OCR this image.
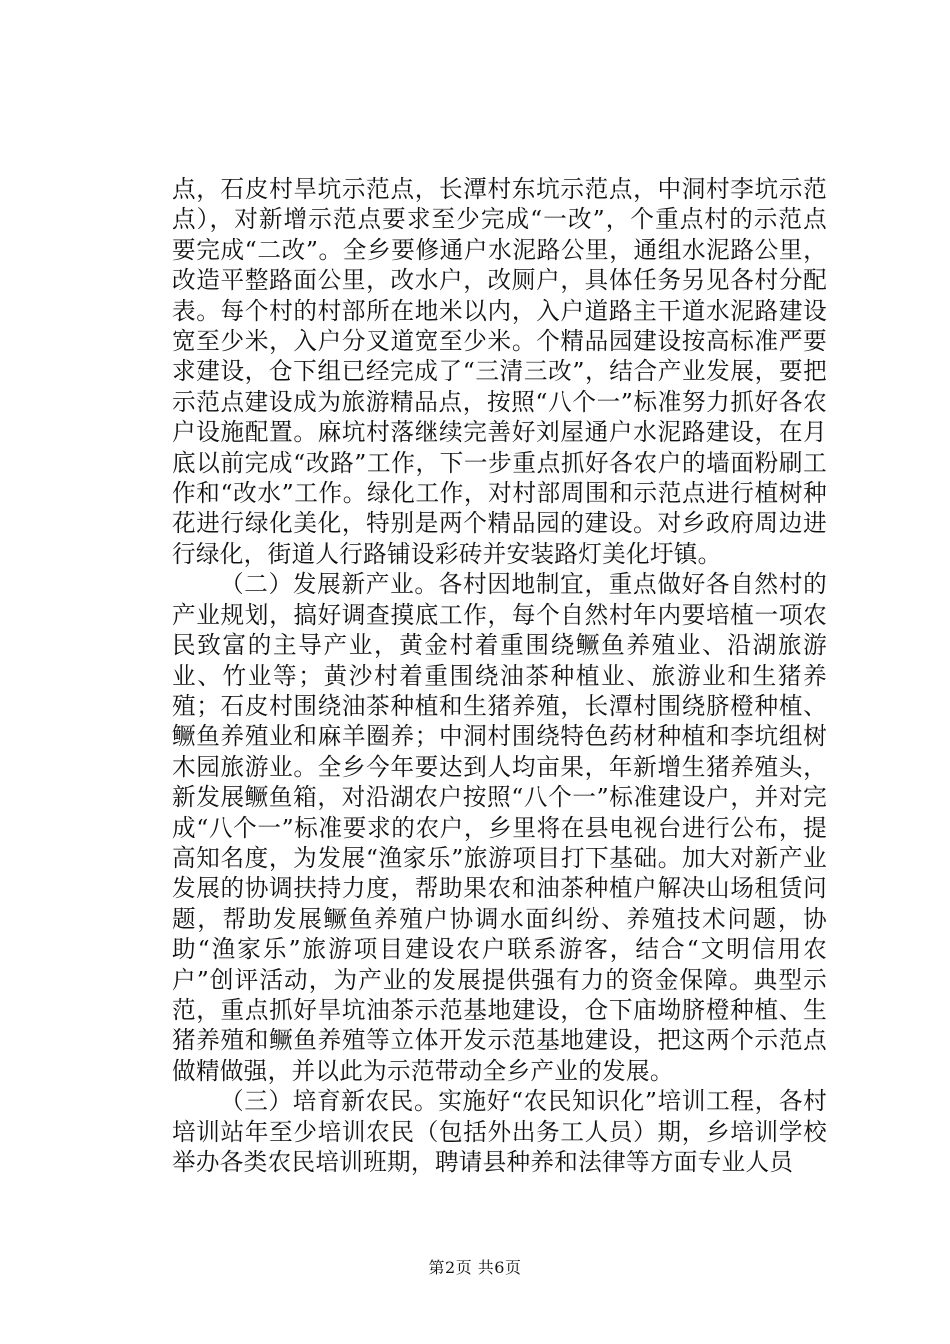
点，石皮村旱坑示范点，长潭村东坑示范点，中洞村李坑示范点），对新增示范点要求至少完成“一改”，个重点村的示范点要完成“二改”。全乡要修通户水泥路公里，通组水泥路公里，改造平整路面公里，改水户，改厕户，具体任务另见各村分配表。每个村的村部所在地米以内，入户道路主干道水泥路建设宽至少米，入户分叉道宽至少米。个精品园建设按高标准严要求建设，仓下组已经完成了“三清三改”，结合产业发展，要把示范点建设成为旅游精品点，按照“八个一”标准努力抓好各农户设施配置。麻坑村落继续完善好刘屋通户水泥路建设，在月底以前完成“改路”工作，下一步重点抓好各农户的墙面粉刷工作和“改水”工作。绿化工作，对村部周围和示范点进行植树种花进行绿化美化，特别是两个精品园的建设。对乡政府周边进行绿化，街道人行路铺设彩砖并安装路灯美化圩镇。

（二）发展新产业。各村因地制宜，重点做好各自然村的产业规划，搞好调查摸底工作，每个自然村年内要培植一项农民致富的主导产业，黄金村着重围绕鳜鱼养殖业、沿湖旅游业、竹业等；黄沙村着重围绕油茶种植业、旅游业和生猪养殖；石皮村围绕油茶种植和生猪养殖，长潭村围绕脐橙种植、鳜鱼养殖业和麻羊圈养；中洞村围绕特色药材种植和李坑组树木园旅游业。全乡今年要达到人均亩果，年新增生猪养殖头，新发展鳜鱼箱，对沿湖农户按照“八个一”标准建设户，并对完成“八个一”标准要求的农户，乡里将在县电视台进行公布，提高知名度，为发展“渔家乐”旅游项目打下基础。加大对新产业发展的协调扶持力度，帮助果农和油茶种植户解决山场租赁问题，帮助发展鳜鱼养殖户协调水面纠纷、养殖技术问题，协助“渔家乐”旅游项目建设农户联系游客，结合“文明信用农户”创评活动，为产业的发展提供强有力的资金保障。典型示范，重点抓好旱坑油茶示范基地建设，仓下庙坳脐橙种植、生猪养殖和鳜鱼养殖等立体开发示范基地建设，把这两个示范点做精做强，并以此为示范带动全乡产业的发展。

（三）培育新农民。实施好“农民知识化”培训工程，各村培训站年至少培训农民（包括外出务工人员）期，乡培训学校举办各类农民培训班期，聘请县种养和法律等方面专业人员

第2页 共6页
